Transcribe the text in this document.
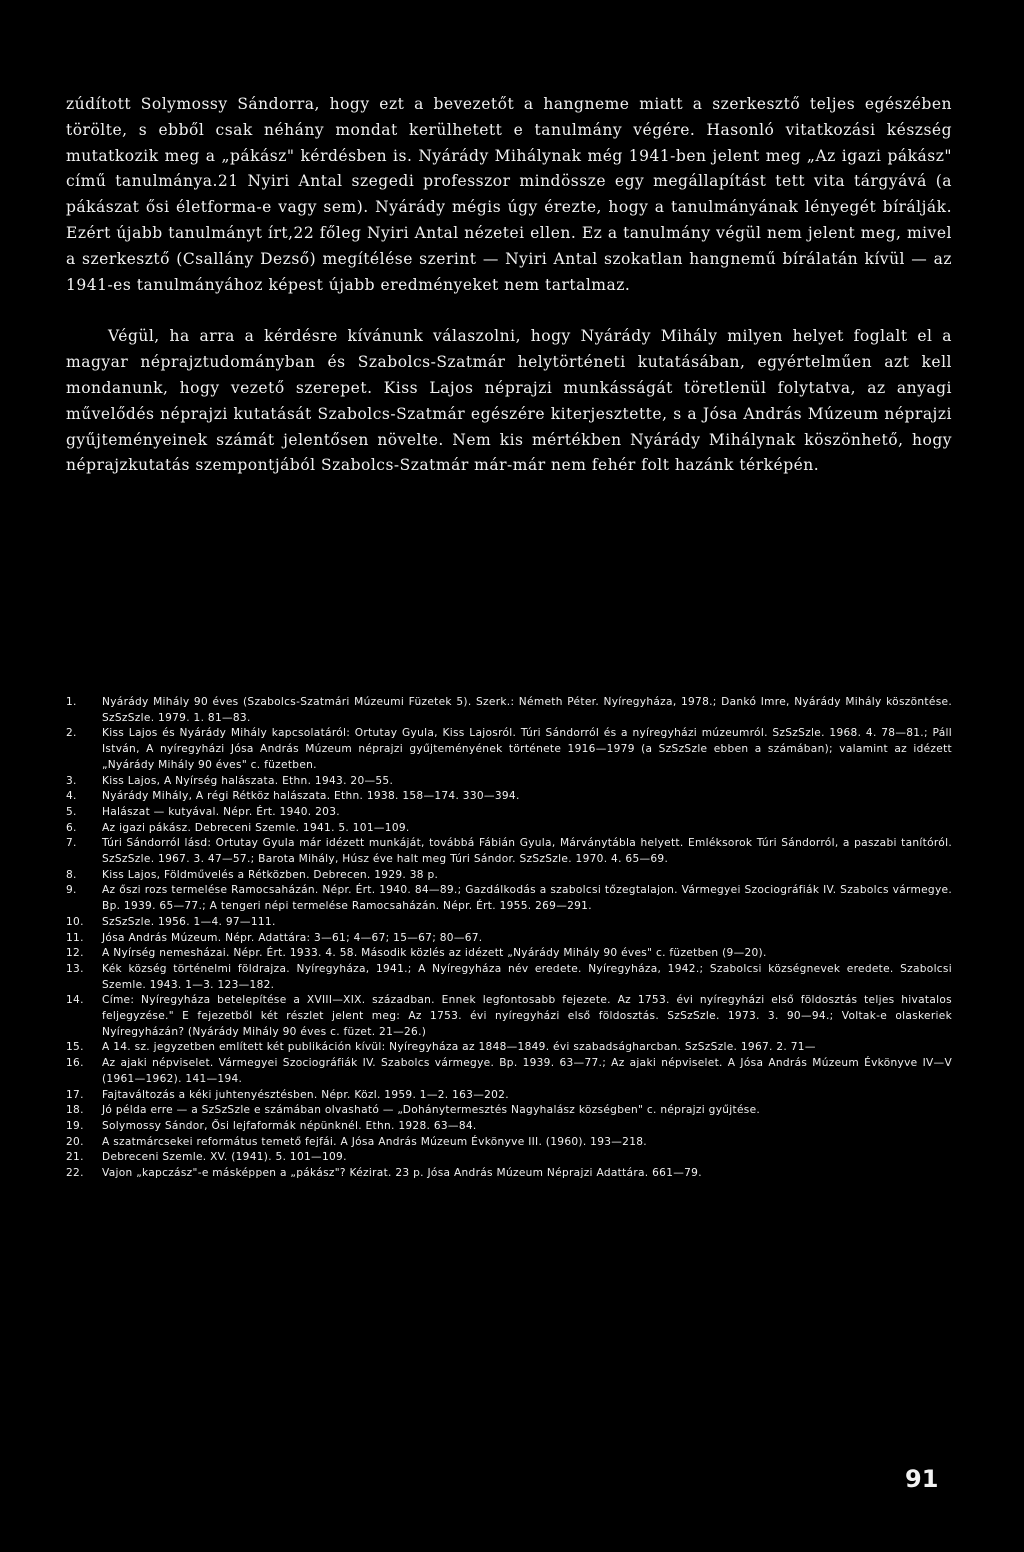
zúdított Solymossy Sándorra, hogy ezt a bevezetőt a hangneme miatt a szerkesztő teljes egészében törölte, s ebből csak néhány mondat kerülhetett e tanulmány végére. Hasonló vitatkozási készség mutatkozik meg a „pákász" kérdésben is. Nyárády Mihálynak még 1941-ben jelent meg „Az igazi pákász" című tanulmánya.21 Nyiri Antal szegedi professzor mindössze egy megállapítást tett vita tárgyává (a pákászat ősi életforma-e vagy sem). Nyárády mégis úgy érezte, hogy a tanulmányának lényegét bírálják. Ezért újabb tanulmányt írt,22 főleg Nyiri Antal nézetei ellen. Ez a tanulmány végül nem jelent meg, mivel a szerkesztő (Csallány Dezső) megítélése szerint — Nyiri Antal szokatlan hangnemű bírálatán kívül — az 1941-es tanulmányához képest újabb eredményeket nem tartalmaz.

Végül, ha arra a kérdésre kívánunk válaszolni, hogy Nyárády Mihály milyen helyet foglalt el a magyar néprajztudományban és Szabolcs-Szatmár helytörténeti kutatásában, egyértelműen azt kell mondanunk, hogy vezető szerepet. Kiss Lajos néprajzi munkásságát töretlenül folytatva, az anyagi művelődés néprajzi kutatását Szabolcs-Szatmár egészére kiterjesztette, s a Jósa András Múzeum néprajzi gyűjteményeinek számát jelentősen növelte. Nem kis mértékben Nyárády Mihálynak köszönhető, hogy néprajzkutatás szempontjából Szabolcs-Szatmár már-már nem fehér folt hazánk térképén.

1.	Nyárády Mihály 90 éves (Szabolcs-Szatmári Múzeumi Füzetek 5). Szerk.: Németh Péter. Nyíregyháza, 1978.; Dankó Imre, Nyárády Mihály köszöntése. SzSzSzle. 1979. 1. 81—83.
2.	Kiss Lajos és Nyárády Mihály kapcsolatáról: Ortutay Gyula, Kiss Lajosról. Túri Sándorról és a nyíregyházi múzeumról. SzSzSzle. 1968. 4. 78—81.; Páll István, A nyíregyházi Jósa András Múzeum néprajzi gyűjteményének története 1916—1979 (a SzSzSzle ebben a számában); valamint az idézett „Nyárády Mihály 90 éves" c. füzetben.
3.	Kiss Lajos, A Nyírség halászata. Ethn. 1943. 20—55.
4.	Nyárády Mihály, A régi Rétköz halászata. Ethn. 1938. 158—174. 330—394.
5.	Halászat — kutyával. Népr. Ért. 1940. 203.
6.	Az igazi pákász. Debreceni Szemle. 1941. 5. 101—109.
7.	Túri Sándorról lásd: Ortutay Gyula már idézett munkáját, továbbá Fábián Gyula, Márványtábla helyett. Emléksorok Túri Sándorról, a paszabi tanítóról. SzSzSzle. 1967. 3. 47—57.; Barota Mihály, Húsz éve halt meg Túri Sándor. SzSzSzle. 1970. 4. 65—69.
8.	Kiss Lajos, Földművelés a Rétközben. Debrecen. 1929. 38 p.
9.	Az őszi rozs termelése Ramocsaházán. Népr. Ért. 1940. 84—89.; Gazdálkodás a szabolcsi tőzegtalajon. Vármegyei Szociográfiák IV. Szabolcs vármegye. Bp. 1939. 65—77.; A tengeri népi termelése Ramocsaházán. Népr. Ért. 1955. 269—291.
10.	SzSzSzle. 1956. 1—4. 97—111.
11.	Jósa András Múzeum. Népr. Adattára: 3—61; 4—67; 15—67; 80—67.
12.	A Nyírség nemesházai. Népr. Ért. 1933. 4. 58. Második közlés az idézett „Nyárády Mihály 90 éves" c. füzetben (9—20).
13.	Kék község történelmi földrajza. Nyíregyháza, 1941.; A Nyíregyháza név eredete. Nyíregyháza, 1942.; Szabolcsi községnevek eredete. Szabolcsi Szemle. 1943. 1—3. 123—182.
14.	Címe: Nyíregyháza betelepítése a XVIII—XIX. században. Ennek legfontosabb fejezete. Az 1753. évi nyíregyházi első földosztás teljes hivatalos feljegyzése." E fejezetből két részlet jelent meg: Az 1753. évi nyíregyházi első földosztás. SzSzSzle. 1973. 3. 90—94.; Voltak-e olaskeriek Nyíregyházán? (Nyárády Mihály 90 éves c. füzet. 21—26.)
15.	A 14. sz. jegyzetben említett két publikáción kívül: Nyíregyháza az 1848—1849. évi szabadságharcban. SzSzSzle. 1967. 2. 71—
16.	Az ajaki népviselet. Vármegyei Szociográfiák IV. Szabolcs vármegye. Bp. 1939. 63—77.; Az ajaki népviselet. A Jósa András Múzeum Évkönyve IV—V (1961—1962). 141—194.
17.	Fajtaváltozás a kéki juhtenyésztésben. Népr. Közl. 1959. 1—2. 163—202.
18.	Jó példa erre — a SzSzSzle e számában olvasható — „Dohánytermesztés Nagyhalász községben" c. néprajzi gyűjtése.
19.	Solymossy Sándor, Ősi lejfaformák népünknél. Ethn. 1928. 63—84.
20.	A szatmárcsekei református temető fejfái. A Jósa András Múzeum Évkönyve III. (1960). 193—218.
21.	Debreceni Szemle. XV. (1941). 5. 101—109.
22.	Vajon „kapczász"-e másképpen a „pákász"? Kézirat. 23 p. Jósa András Múzeum Néprajzi Adattára. 661—79.
91
